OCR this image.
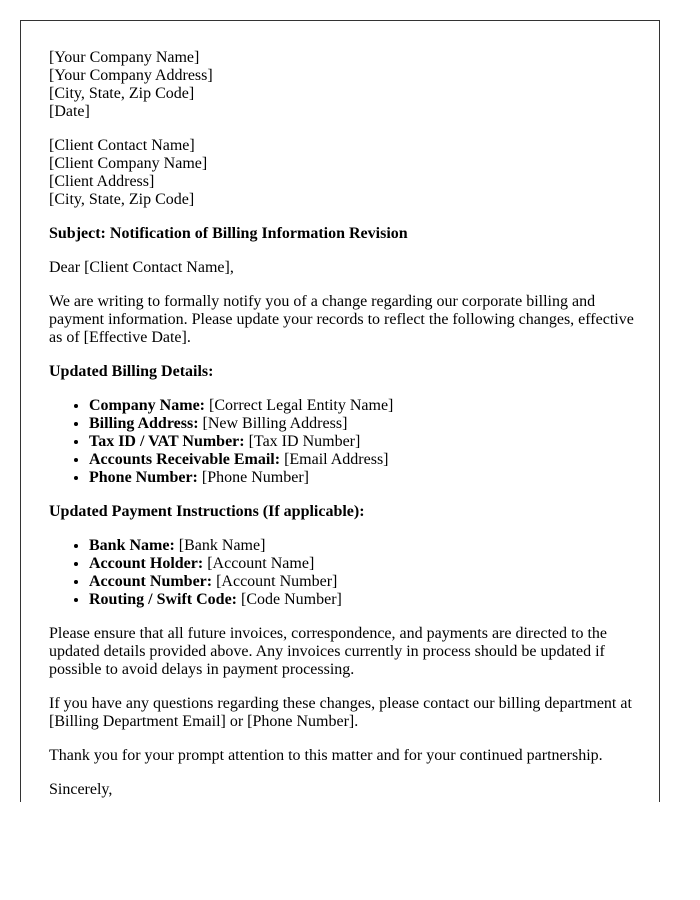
[Your Company Name]
[Your Company Address]
[City, State, Zip Code]
[Date]
[Client Contact Name]
[Client Company Name]
[Client Address]
[City, State, Zip Code]

Subject: Notification of Billing Information Revision

Dear [Client Contact Name],

We are writing to formally notify you of a change regarding our corporate billing and payment information. Please update your records to reflect the following changes, effective as of [Effective Date].

Updated Billing Details:
• Company Name: [Correct Legal Entity Name]
• Billing Address: [New Billing Address]
• Tax ID / VAT Number: [Tax ID Number]
• Accounts Receivable Email: [Email Address]
• Phone Number: [Phone Number]
Updated Payment Instructions (If applicable):
• Bank Name: [Bank Name]
• Account Holder: [Account Name]
• Account Number: [Account Number]
• Routing / Swift Code: [Code Number]

Please ensure that all future invoices, correspondence, and payments are directed to the updated details provided above. Any invoices currently in process should be updated if possible to avoid delays in payment processing.

If you have any questions regarding these changes, please contact our billing department at [Billing Department Email] or [Phone Number].

Thank you for your prompt attention to this matter and for your continued partnership.

Sincerely,
